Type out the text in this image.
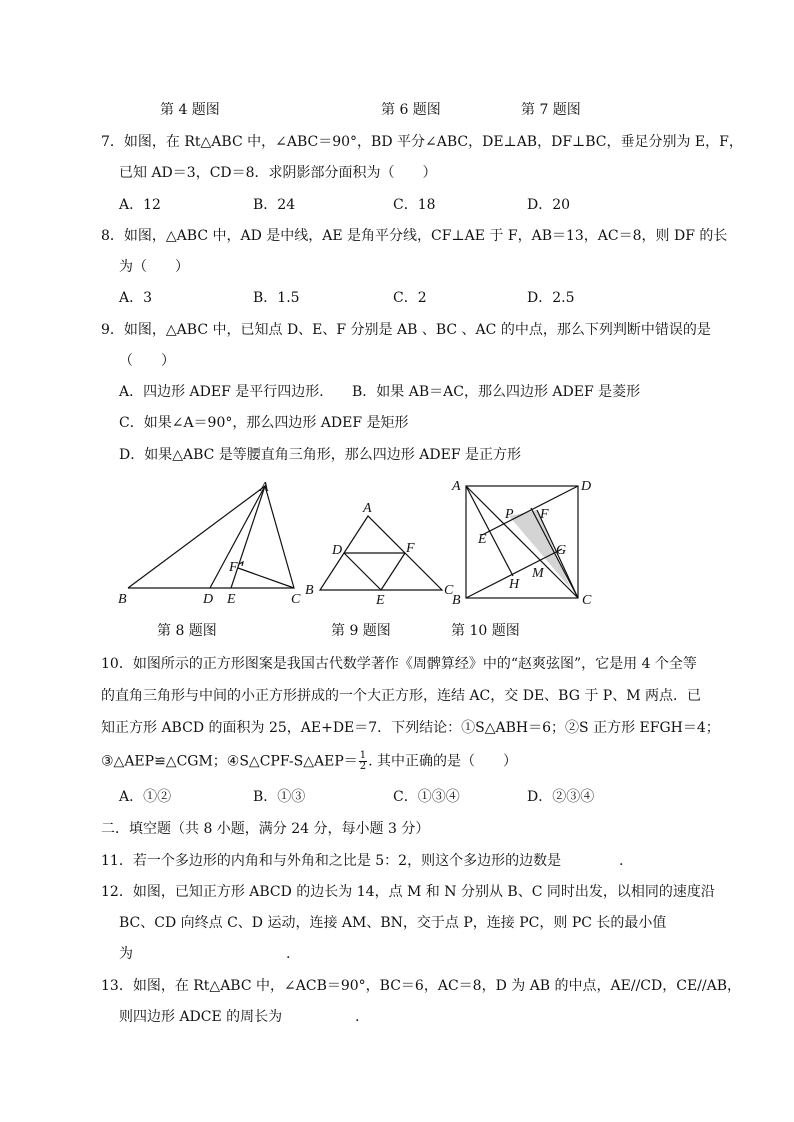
第 4 题图	第 6 题图	第 7 题图
7．如图，在 Rt△ABC 中，∠ABC＝90°，BD 平分∠ABC，DE⊥AB，DF⊥BC，垂足分别为 E，F，
已知 AD＝3，CD＝8．求阴影部分面积为（　　）
A．12	B．24	C．18	D．20
8．如图，△ABC 中，AD 是中线，AE 是角平分线，CF⊥AE 于 F，AB＝13，AC＝8，则 DF 的长
为（　　）
A．3	B．1.5	C．2	D．2.5
9．如图，△ABC 中，已知点 D、E、F 分别是 AB 、BC 、AC 的中点，那么下列判断中错误的是
（　　）
A．四边形 ADEF 是平行四边形． B．如果 AB＝AC，那么四边形 ADEF 是菱形
C．如果∠A＝90°，那么四边形 ADEF 是矩形
D．如果△ABC 是等腰直角三角形，那么四边形 ADEF 是正方形
A
B	D E	C
F
A
D	F
B
E
C
A	D
P F
E
G
M
H
B	C
第 8 题图	第 9 题图	第 10 题图
10．如图所示的正方形图案是我国古代数学著作《周髀算经》中的“赵爽弦图”，它是用 4 个全等
的直角三角形与中间的小正方形拼成的一个大正方形，连结 AC，交 DE、BG 于 P、M 两点．已
知正方形 ABCD 的面积为 25，AE+DE＝7．下列结论：①S△ABH＝6；②S 正方形 EFGH＝4；
③△AEP≌△CGM；④S△CPF-S△AEP＝ $\frac{1}{2}$ . 其中正确的是（　　）
A．①②	B．①③	C．①③④	D．②③④
二．填空题（共 8 小题，满分 24 分，每小题 3 分）
11．若一个多边形的内角和与外角和之比是 5：2，则这个多边形的边数是	.
12．如图，已知正方形 ABCD 的边长为 14，点 M 和 N 分别从 B、C 同时出发，以相同的速度沿
BC、CD 向终点 C、D 运动，连接 AM、BN，交于点 P，连接 PC，则 PC 长的最小值
为	.
13．如图，在 Rt△ABC 中，∠ACB＝90°，BC＝6，AC＝8，D 为 AB 的中点，AE//CD，CE//AB，
则四边形 ADCE 的周长为	.
